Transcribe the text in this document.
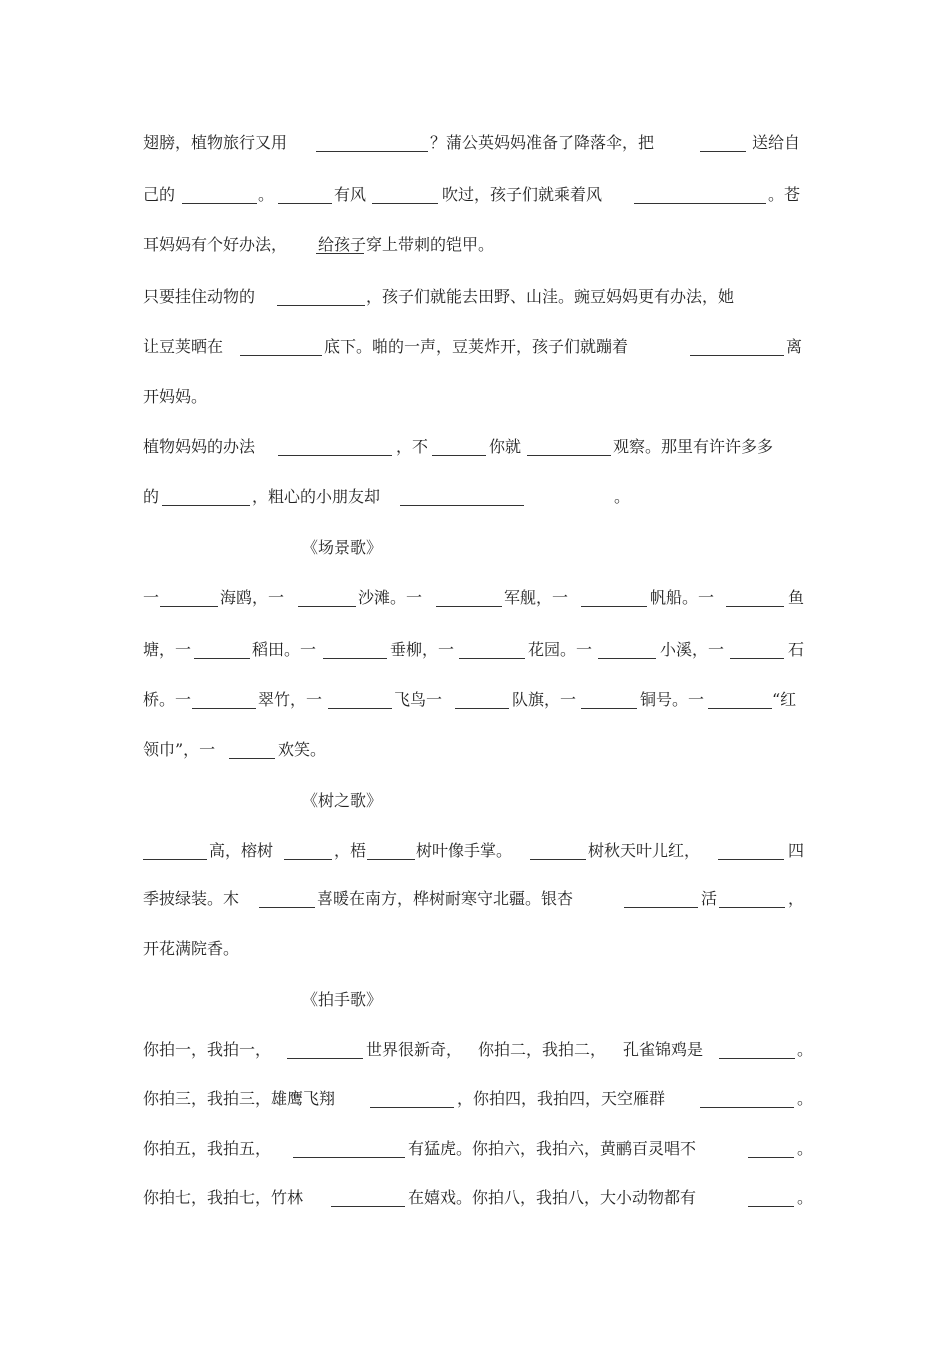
翅膀，植物旅行又用	？蒲公英妈妈准备了降落伞，把	送给自
己的	。	有风	吹过，孩子们就乘着风	。苍
耳妈妈有个好办法， 给孩子穿上带刺的铠甲。
只要挂住动物的	，孩子们就能去田野、山洼。豌豆妈妈更有办法，她
让豆荚晒在	底下。啪的一声，豆荚炸开，孩子们就蹦着	离
开妈妈。
植物妈妈的办法	，不	你就	观察。那里有许许多多
的	，粗心的小朋友却	。
《场景歌》
一	海鸥，一	沙滩。一	军舰，一	帆船。一	鱼
塘，一	稻田。一	垂柳，一	花园。一	小溪，一	石
桥。一	翠竹，一	飞鸟一	队旗，一	铜号。一	“红
领巾”，一	欢笑。
《树之歌》
高，榕树	，梧	树叶像手掌。	树秋天叶儿红，	四
季披绿装。木	喜暖在南方，桦树耐寒守北疆。银杏	活	，
开花满院香。
《拍手歌》
你拍一，我拍一，	世界很新奇， 你拍二，我拍二， 孔雀锦鸡是	。
你拍三，我拍三，雄鹰飞翔	，你拍四，我拍四，天空雁群	。
你拍五，我拍五，	有猛虎。你拍六，我拍六，黄鹂百灵唱不	。
你拍七，我拍七，竹林	在嬉戏。你拍八，我拍八，大小动物都有	。
